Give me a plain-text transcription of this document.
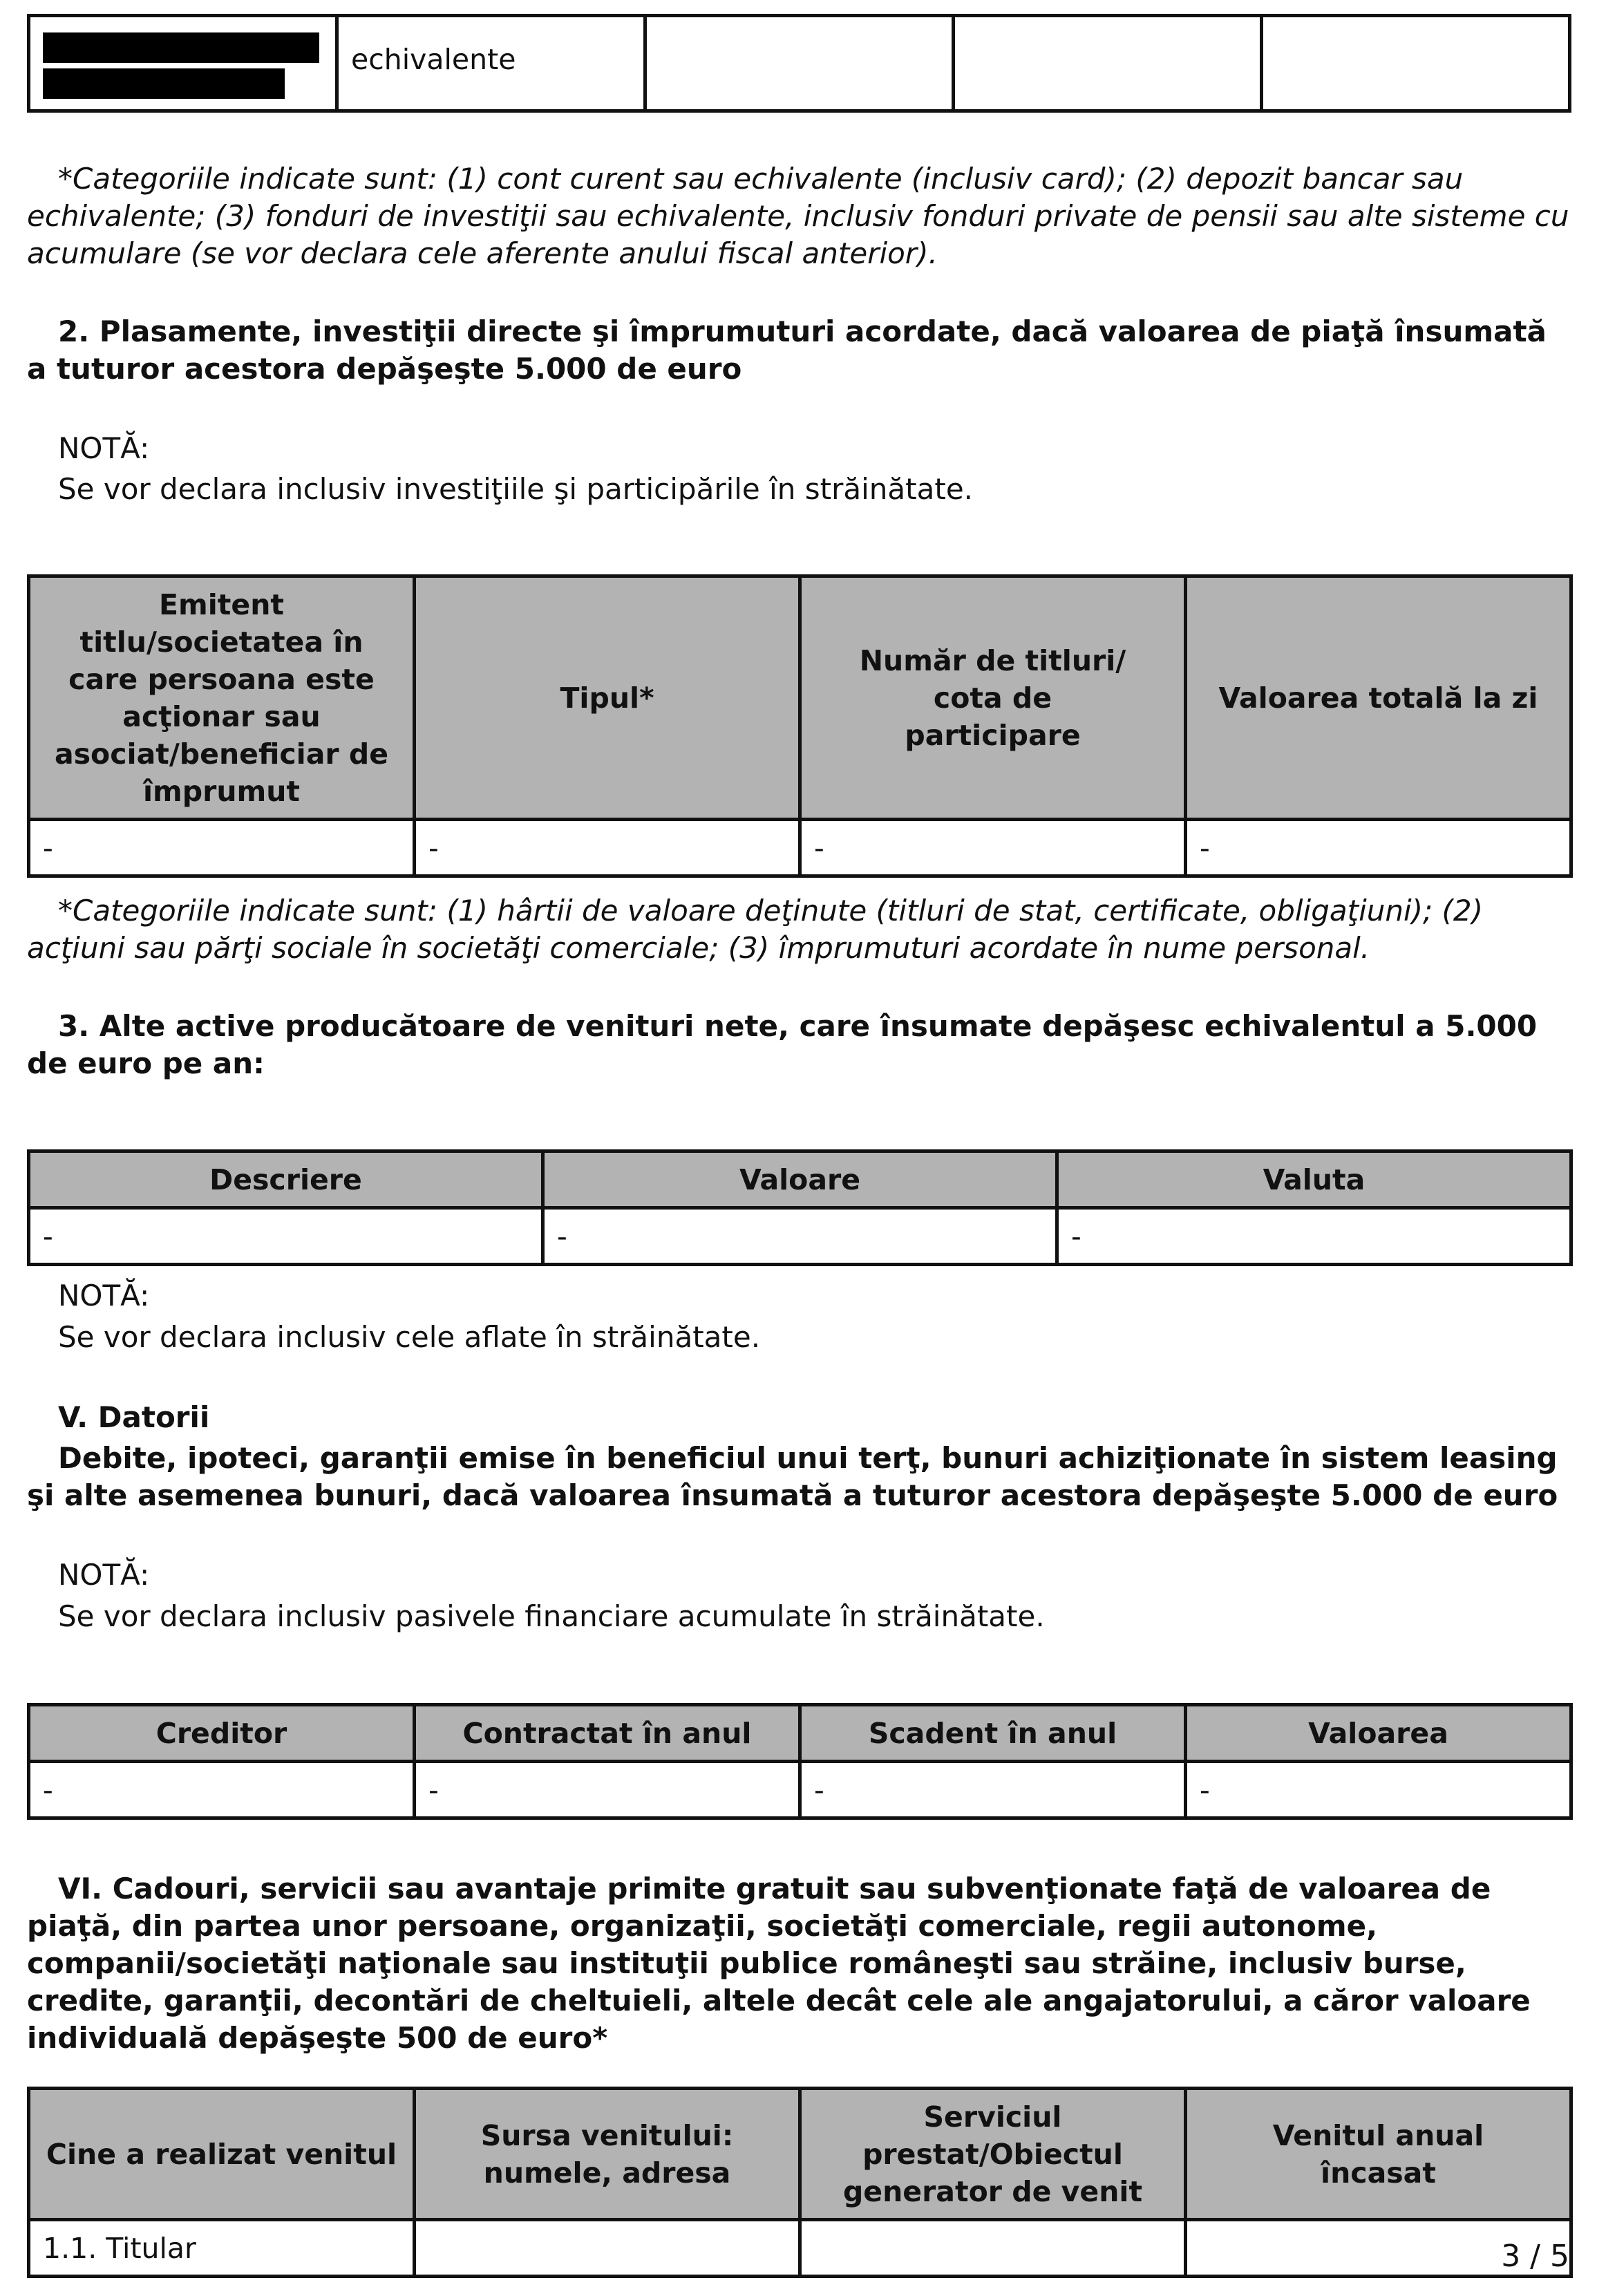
	echivalente			
*Categoriile indicate sunt: (1) cont curent sau echivalente (inclusiv card); (2) depozit bancar sau echivalente; (3) fonduri de investiţii sau echivalente, inclusiv fonduri private de pensii sau alte sisteme cu acumulare (se vor declara cele aferente anului fiscal anterior).
2. Plasamente, investiţii directe şi împrumuturi acordate, dacă valoarea de piaţă însumată a tuturor acestora depăşeşte 5.000 de euro
NOTĂ:
Se vor declara inclusiv investiţiile şi participările în străinătate.
Emitent titlu/societatea în care persoana este acţionar sau asociat/beneficiar de împrumut	Tipul*	Număr de titluri/ cota de participare	Valoarea totală la zi
-	-	-	-
*Categoriile indicate sunt: (1) hârtii de valoare deţinute (titluri de stat, certificate, obligaţiuni); (2) acţiuni sau părţi sociale în societăţi comerciale; (3) împrumuturi acordate în nume personal.
3. Alte active producătoare de venituri nete, care însumate depăşesc echivalentul a 5.000 de euro pe an:
Descriere	Valoare	Valuta
-	-	-
NOTĂ:
Se vor declara inclusiv cele aflate în străinătate.
V. Datorii
Debite, ipoteci, garanţii emise în beneficiul unui terţ, bunuri achiziţionate în sistem leasing şi alte asemenea bunuri, dacă valoarea însumată a tuturor acestora depăşeşte 5.000 de euro
NOTĂ:
Se vor declara inclusiv pasivele financiare acumulate în străinătate.
Creditor	Contractat în anul	Scadent în anul	Valoarea
-	-	-	-
VI. Cadouri, servicii sau avantaje primite gratuit sau subvenţionate faţă de valoarea de piaţă, din partea unor persoane, organizaţii, societăţi comerciale, regii autonome, companii/societăţi naţionale sau instituţii publice româneşti sau străine, inclusiv burse, credite, garanţii, decontări de cheltuieli, altele decât cele ale angajatorului, a căror valoare individuală depăşeşte 500 de euro*
Cine a realizat venitul	Sursa venitului: numele, adresa	Serviciul prestat/Obiectul generator de venit	Venitul anual încasat
1.1. Titular				3 / 5
